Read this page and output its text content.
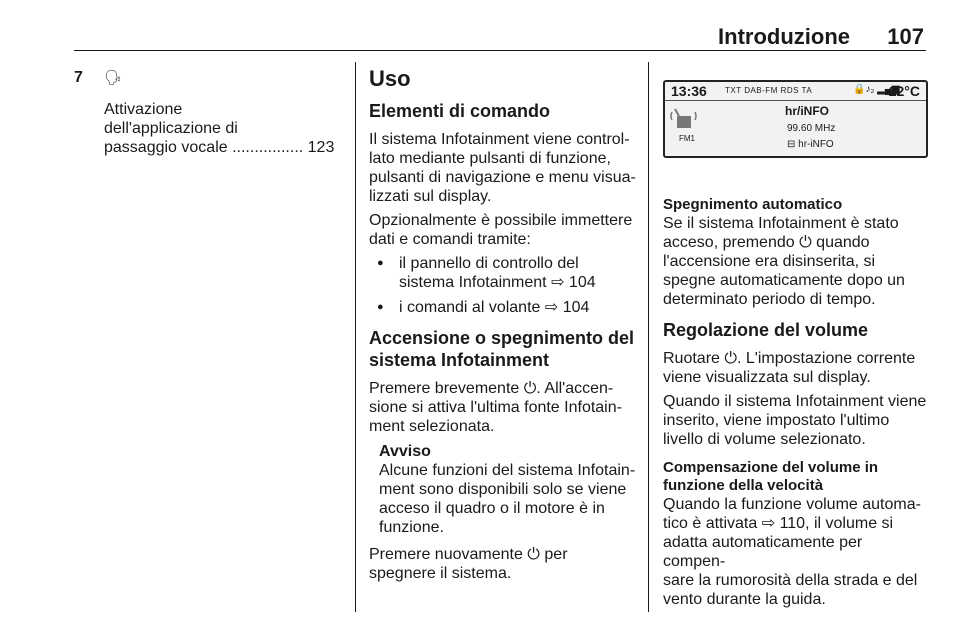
Introduzione	107
7 🗣

Attivazione

dell'applicazione di

passaggio vocale ................ 123

Uso
Elementi di comando

Il sistema Infotainment viene control-

lato mediante pulsanti di funzione,

pulsanti di navigazione e menu visua-

lizzati sul display.

Opzionalmente è possibile immettere

dati e comandi tramite:

● il pannello di controllo del

sistema Infotainment ⇨ 104

● i comandi al volante ⇨ 104

Accensione o spegnimento del
sistema Infotainment

Premere brevemente ⏻. All'accen-

sione si attiva l'ultima fonte Infotain-

ment selezionata.

Avviso

Alcune funzioni del sistema Infotain-

ment sono disponibili solo se viene

acceso il quadro o il motore è in

funzione.

Premere nuovamente ⏻ per

spegnere il sistema.

13:36 TXT DAB-FM RDS TA	🔒♪₂ ▂▄▆
22°C
FM1
hr/iNFO
99.60 MHz
⊟ hr-iNFO
Spegnimento automatico

Se il sistema Infotainment è stato

acceso, premendo ⏻ quando

l'accensione era disinserita, si

spegne automaticamente dopo un

determinato periodo di tempo.

Regolazione del volume

Ruotare ⏻. L'impostazione corrente

viene visualizzata sul display.

Quando il sistema Infotainment viene

inserito, viene impostato l'ultimo

livello di volume selezionato.

Compensazione del volume in
funzione della velocità

Quando la funzione volume automa-

tico è attivata ⇨ 110, il volume si

adatta automaticamente per compen-

sare la rumorosità della strada e del

vento durante la guida.
